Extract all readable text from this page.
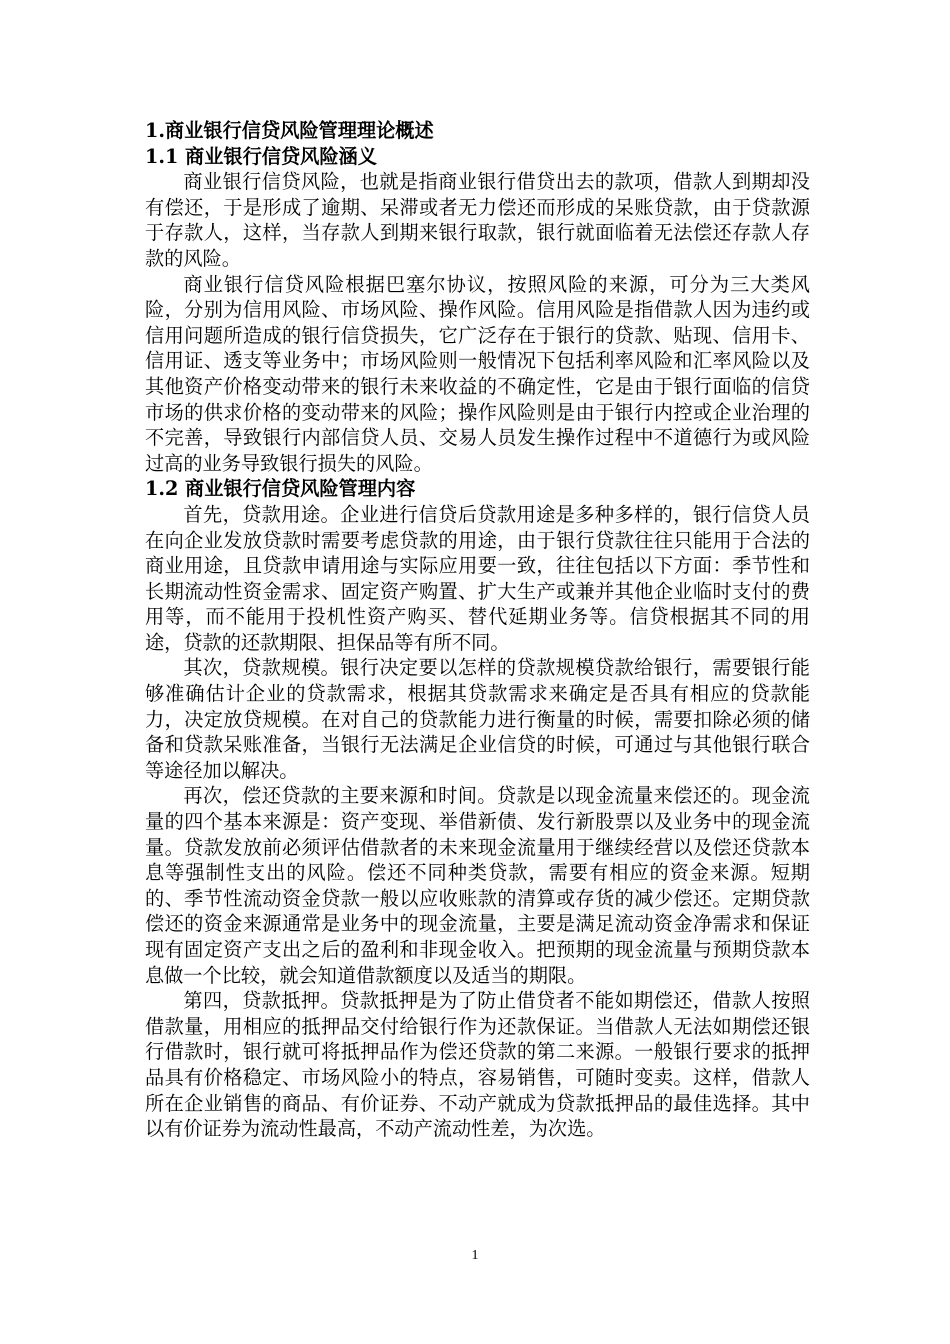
1.商业银行信贷风险管理理论概述
1.1 商业银行信贷风险涵义

商业银行信贷风险，也就是指商业银行借贷出去的款项，借款人到期却没有偿还，于是形成了逾期、呆滞或者无力偿还而形成的呆账贷款，由于贷款源于存款人，这样，当存款人到期来银行取款，银行就面临着无法偿还存款人存款的风险。

商业银行信贷风险根据巴塞尔协议，按照风险的来源，可分为三大类风险，分别为信用风险、市场风险、操作风险。信用风险是指借款人因为违约或信用问题所造成的银行信贷损失，它广泛存在于银行的贷款、贴现、信用卡、信用证、透支等业务中；市场风险则一般情况下包括利率风险和汇率风险以及其他资产价格变动带来的银行未来收益的不确定性，它是由于银行面临的信贷市场的供求价格的变动带来的风险；操作风险则是由于银行内控或企业治理的不完善，导致银行内部信贷人员、交易人员发生操作过程中不道德行为或风险过高的业务导致银行损失的风险。

1.2 商业银行信贷风险管理内容

首先，贷款用途。企业进行信贷后贷款用途是多种多样的，银行信贷人员在向企业发放贷款时需要考虑贷款的用途，由于银行贷款往往只能用于合法的商业用途，且贷款申请用途与实际应用要一致，往往包括以下方面：季节性和长期流动性资金需求、固定资产购置、扩大生产或兼并其他企业临时支付的费用等，而不能用于投机性资产购买、替代延期业务等。信贷根据其不同的用途，贷款的还款期限、担保品等有所不同。

其次，贷款规模。银行决定要以怎样的贷款规模贷款给银行，需要银行能够准确估计企业的贷款需求，根据其贷款需求来确定是否具有相应的贷款能力，决定放贷规模。在对自己的贷款能力进行衡量的时候，需要扣除必须的储备和贷款呆账准备，当银行无法满足企业信贷的时候，可通过与其他银行联合等途径加以解决。

再次，偿还贷款的主要来源和时间。贷款是以现金流量来偿还的。现金流量的四个基本来源是：资产变现、举借新债、发行新股票以及业务中的现金流量。贷款发放前必须评估借款者的未来现金流量用于继续经营以及偿还贷款本息等强制性支出的风险。偿还不同种类贷款，需要有相应的资金来源。短期的、季节性流动资金贷款一般以应收账款的清算或存货的减少偿还。定期贷款偿还的资金来源通常是业务中的现金流量，主要是满足流动资金净需求和保证现有固定资产支出之后的盈利和非现金收入。把预期的现金流量与预期贷款本息做一个比较，就会知道借款额度以及适当的期限。

第四，贷款抵押。贷款抵押是为了防止借贷者不能如期偿还，借款人按照借款量，用相应的抵押品交付给银行作为还款保证。当借款人无法如期偿还银行借款时，银行就可将抵押品作为偿还贷款的第二来源。一般银行要求的抵押品具有价格稳定、市场风险小的特点，容易销售，可随时变卖。这样，借款人所在企业销售的商品、有价证券、不动产就成为贷款抵押品的最佳选择。其中以有价证券为流动性最高，不动产流动性差，为次选。

1
